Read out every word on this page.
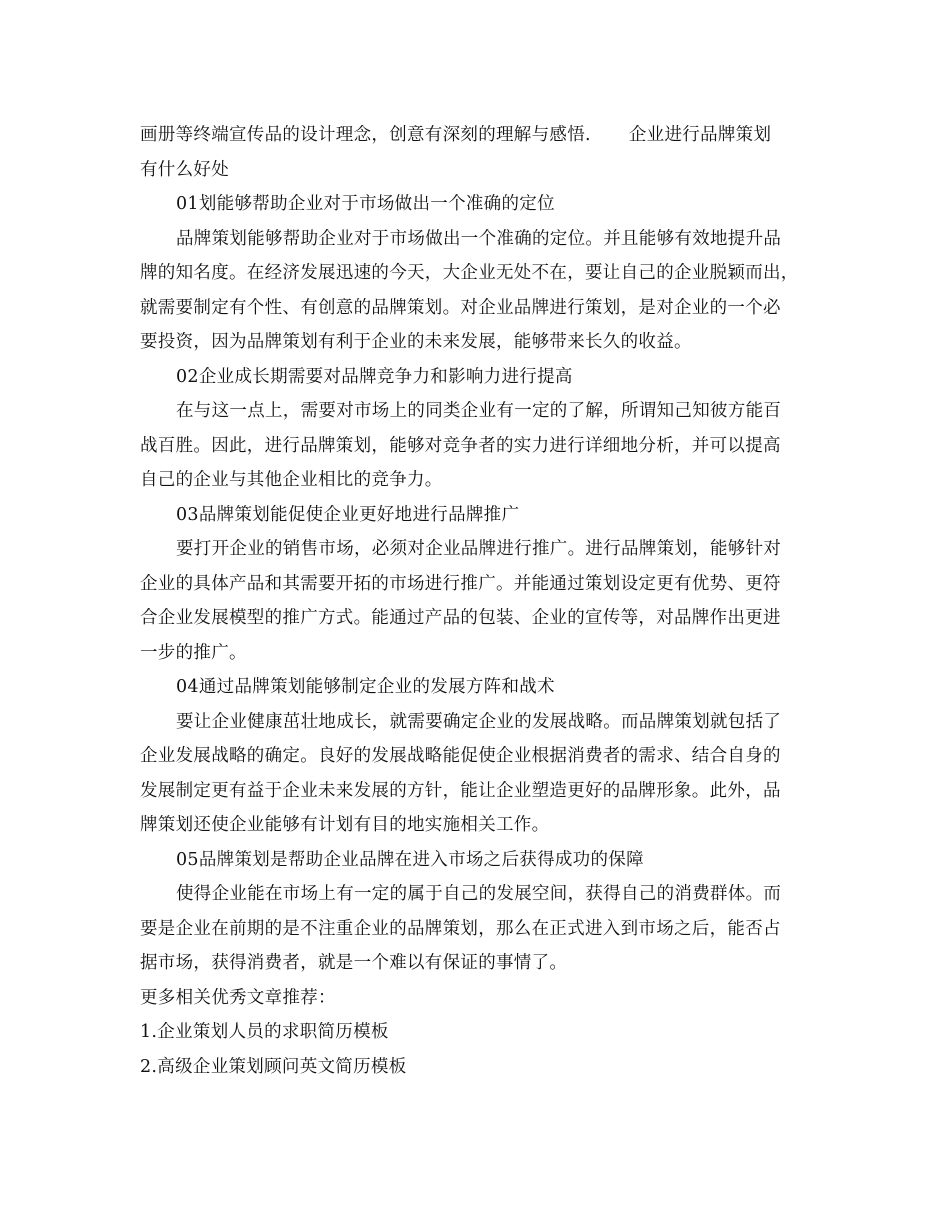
画册等终端宣传品的设计理念，创意有深刻的理解与感悟. 企业进行品牌策划
有什么好处
01划能够帮助企业对于市场做出一个准确的定位
品牌策划能够帮助企业对于市场做出一个准确的定位。并且能够有效地提升品
牌的知名度。在经济发展迅速的今天，大企业无处不在，要让自己的企业脱颖而出，
就需要制定有个性、有创意的品牌策划。对企业品牌进行策划，是对企业的一个必
要投资，因为品牌策划有利于企业的未来发展，能够带来长久的收益。
02企业成长期需要对品牌竞争力和影响力进行提高
在与这一点上，需要对市场上的同类企业有一定的了解，所谓知己知彼方能百
战百胜。因此，进行品牌策划，能够对竞争者的实力进行详细地分析，并可以提高
自己的企业与其他企业相比的竞争力。
03品牌策划能促使企业更好地进行品牌推广
要打开企业的销售市场，必须对企业品牌进行推广。进行品牌策划，能够针对
企业的具体产品和其需要开拓的市场进行推广。并能通过策划设定更有优势、更符
合企业发展模型的推广方式。能通过产品的包装、企业的宣传等，对品牌作出更进
一步的推广。
04通过品牌策划能够制定企业的发展方阵和战术
要让企业健康茁壮地成长，就需要确定企业的发展战略。而品牌策划就包括了
企业发展战略的确定。良好的发展战略能促使企业根据消费者的需求、结合自身的
发展制定更有益于企业未来发展的方针，能让企业塑造更好的品牌形象。此外，品
牌策划还使企业能够有计划有目的地实施相关工作。
05品牌策划是帮助企业品牌在进入市场之后获得成功的保障
使得企业能在市场上有一定的属于自己的发展空间，获得自己的消费群体。而
要是企业在前期的是不注重企业的品牌策划，那么在正式进入到市场之后，能否占
据市场，获得消费者，就是一个难以有保证的事情了。
更多相关优秀文章推荐：
1.企业策划人员的求职简历模板
2.高级企业策划顾问英文简历模板
